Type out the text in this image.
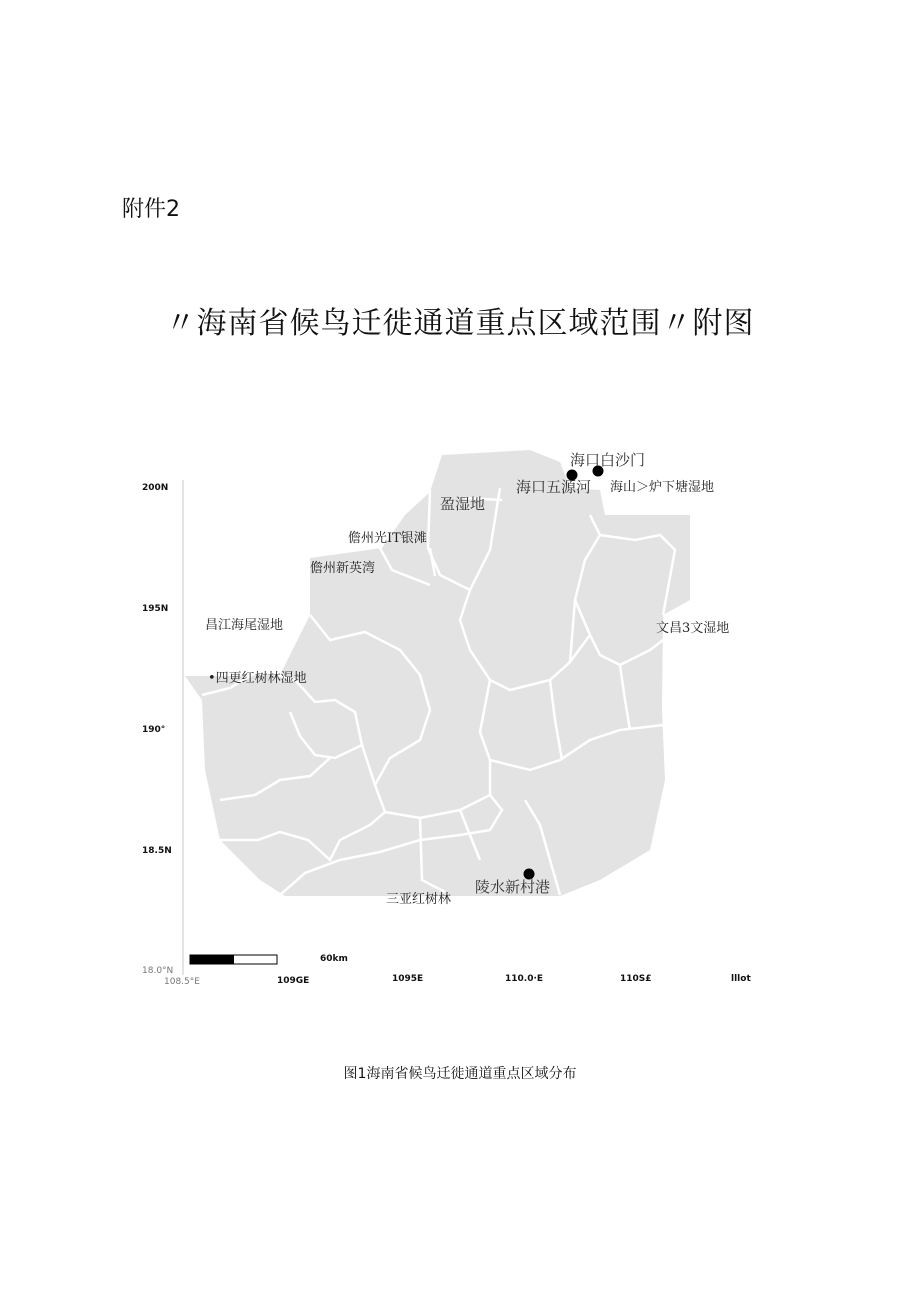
附件2
〃海南省候鸟迁徙通道重点区域范围〃附图
200N
195N
190°
18.5N
18.0°N
108.5°E	109GE	1095E	110.0·E	110S£	lllot
60km
海口白沙门
海口五源河 海山＞炉下塘湿地
盈湿地
儋州光IT银滩
儋州新英湾
昌江海尾湿地
•四更红树林湿地
文昌3文湿地
陵水新村港
三亚红树林
图1海南省候鸟迁徙通道重点区域分布
